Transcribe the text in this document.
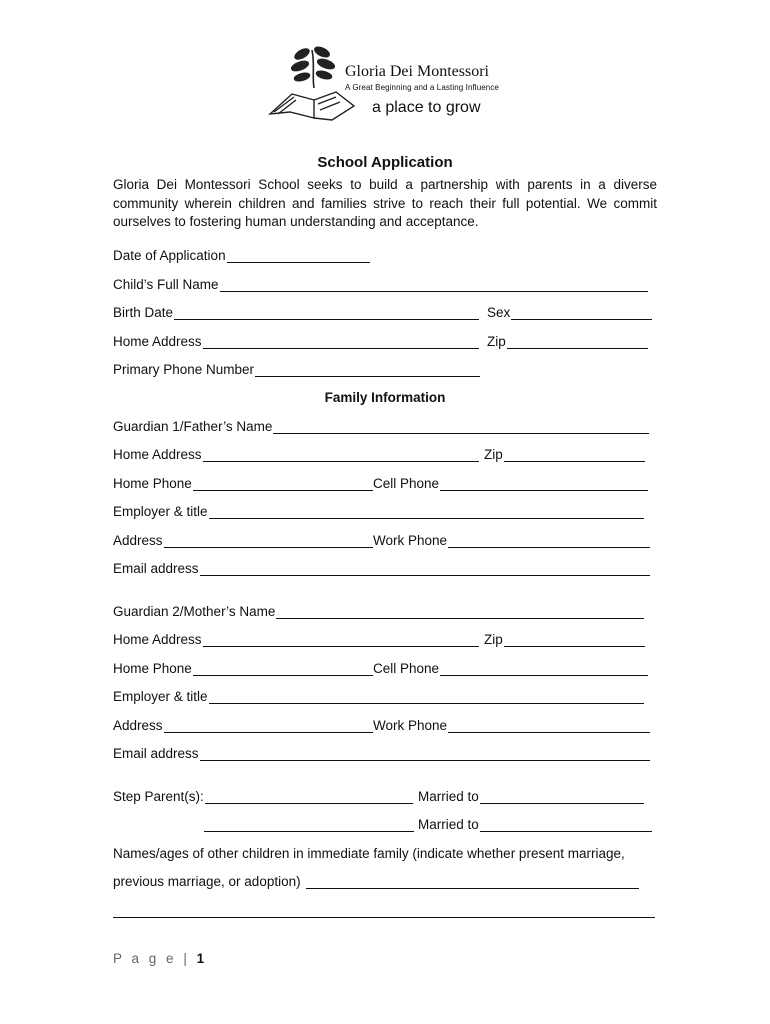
Gloria Dei Montessori
A Great Beginning and a Lasting Influence
a place to grow
School Application
Gloria Dei Montessori School seeks to build a partnership with parents in a diverse community wherein children and families strive to reach their full potential. We commit ourselves to fostering human understanding and acceptance.
Date of Application
Child’s Full Name
Birth Date	Sex
Home Address	Zip
Primary Phone Number
Family Information
Guardian 1/Father’s Name
Home Address	Zip
Home Phone	Cell Phone
Employer & title
Address	Work Phone
Email address
Guardian 2/Mother’s Name
Home Address	Zip
Home Phone	Cell Phone
Employer & title
Address	Work Phone
Email address
Step Parent(s):	Married to
Married to
Names/ages of other children in immediate family (indicate whether present marriage,
previous marriage, or adoption)
P a g e | 1
